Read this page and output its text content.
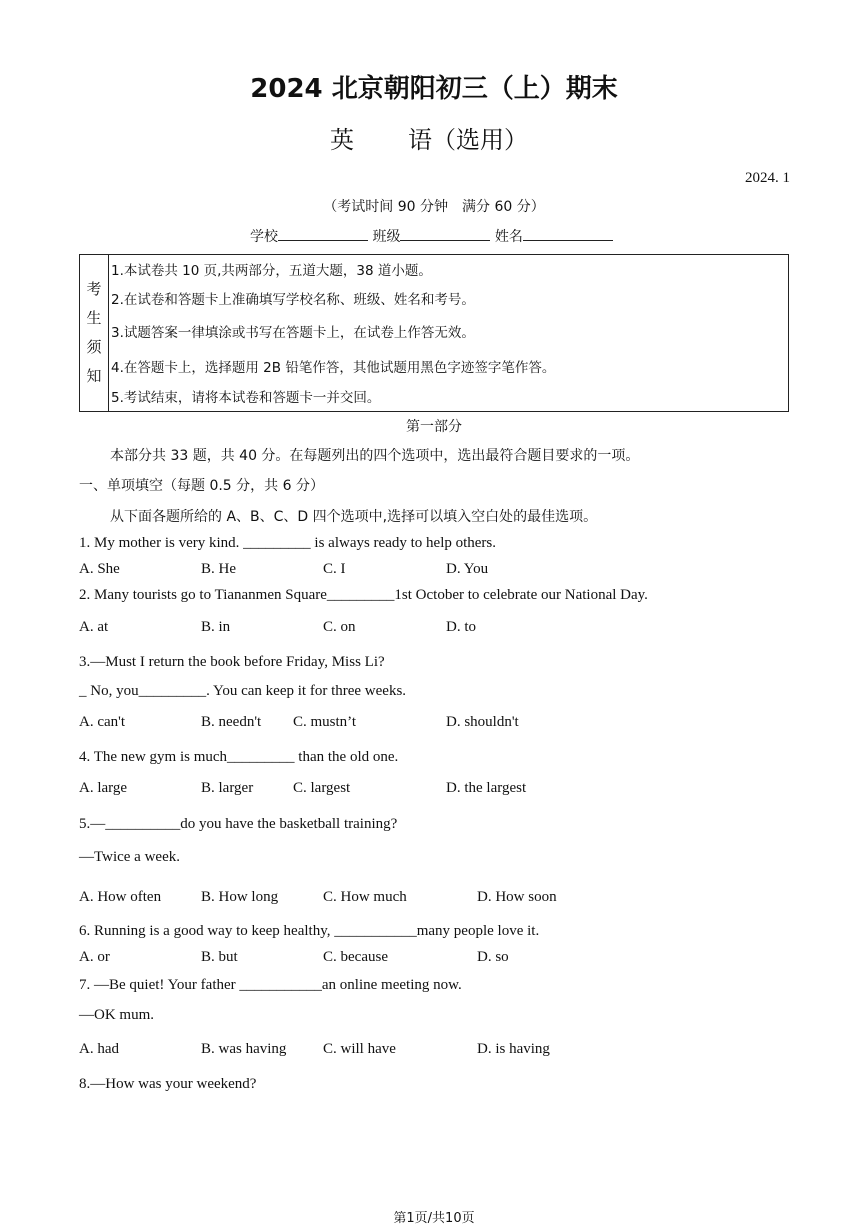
2024 北京朝阳初三（上）期末
英 语（选用）
2024. 1
（考试时间 90 分钟　满分 60 分）
学校	班级	姓名
考
生
须
知
1.本试卷共 10 页,共两部分，五道大题，38 道小题。
2.在试卷和答题卡上准确填写学校名称、班级、姓名和考号。
3.试题答案一律填涂或书写在答题卡上，在试卷上作答无效。
4.在答题卡上，选择题用 2B 铅笔作答，其他试题用黑色字迹签字笔作答。
5.考试结束，请将本试卷和答题卡一并交回。
第一部分
本部分共 33 题，共 40 分。在每题列出的四个选项中，选出最符合题目要求的一项。
一、单项填空（每题 0.5 分，共 6 分）
从下面各题所给的 A、B、C、D 四个选项中,选择可以填入空白处的最佳选项。
1. My mother is very kind. _________ is always ready to help others.
A. She	B. He	C. I	D. You
2. Many tourists go to Tiananmen Square_________1st October to celebrate our National Day.
A. at	B. in	C. on	D. to
3.—Must I return the book before Friday, Miss Li?
_ No, you_________. You can keep it for three weeks.
A. can't	B. needn't C. mustn’t	D. shouldn't
4. The new gym is much_________ than the old one.
A. large	B. larger	C. largest	D. the largest
5.—__________do you have the basketball training?
—Twice a week.
A. How often	B. How long	C. How much	D. How soon
6. Running is a good way to keep healthy, ___________many people love it.
A. or	B. but	C. because	D. so
7. —Be quiet! Your father ___________an online meeting now.
—OK mum.
A. had	B. was having C. will have	D. is having
8.—How was your weekend?
第1页/共10页
